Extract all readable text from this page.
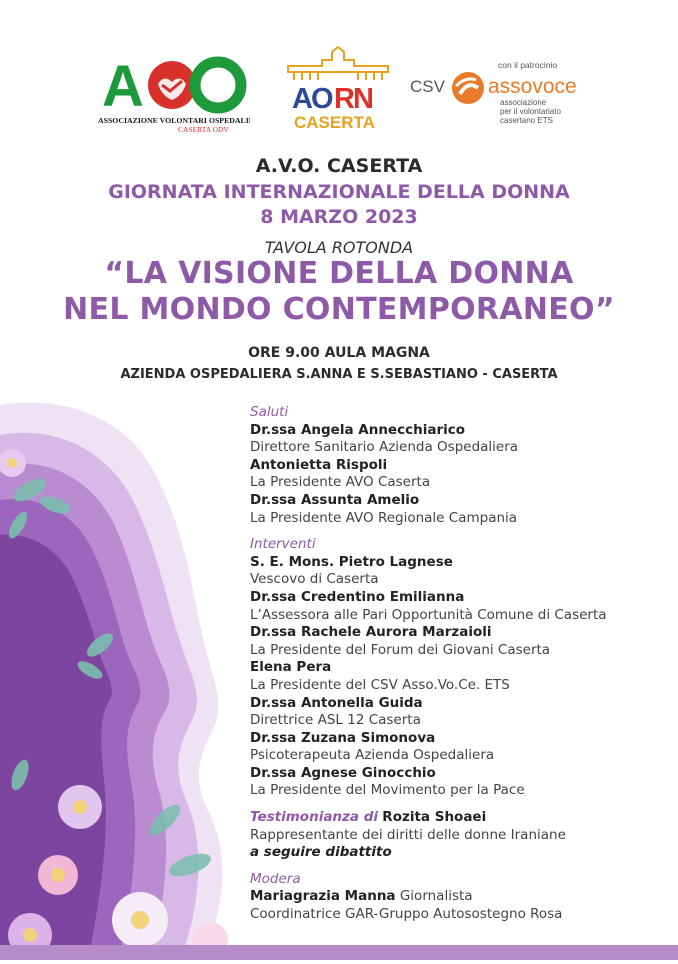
A
ASSOCIAZIONE VOLONTARI OSPEDALIERI
CASERTA ODV
AO RN
CASERTA
con il patrocinio
CSV assovoce
associazione
per il volontariato
casertano ETS

A.V.O. CASERTA

GIORNATA INTERNAZIONALE DELLA DONNA

8 MARZO 2023

TAVOLA ROTONDA

“LA VISIONE DELLA DONNA

NEL MONDO CONTEMPORANEO”

ORE 9.00 AULA MAGNA

AZIENDA OSPEDALIERA S.ANNA E S.SEBASTIANO - CASERTA

Saluti
Dr.ssa Angela Annecchiarico
Direttore Sanitario Azienda Ospedaliera
Antonietta Rispoli
La Presidente AVO Caserta
Dr.ssa Assunta Amelio
La Presidente AVO Regionale Campania
Interventi
S. E. Mons. Pietro Lagnese
Vescovo di Caserta
Dr.ssa Credentino Emilianna
L’Assessora alle Pari Opportunità Comune di Caserta
Dr.ssa Rachele Aurora Marzaioli
La Presidente del Forum dei Giovani Caserta
Elena Pera
La Presidente del CSV Asso.Vo.Ce. ETS
Dr.ssa Antonella Guida
Direttrice ASL 12 Caserta
Dr.ssa Zuzana Simonova
Psicoterapeuta Azienda Ospedaliera
Dr.ssa Agnese Ginocchio
La Presidente del Movimento per la Pace
Testimonianza di Rozita Shoaei
Rappresentante dei diritti delle donne Iraniane
a seguire dibattito
Modera
Mariagrazia Manna Giornalista
Coordinatrice GAR-Gruppo Autosostegno Rosa
